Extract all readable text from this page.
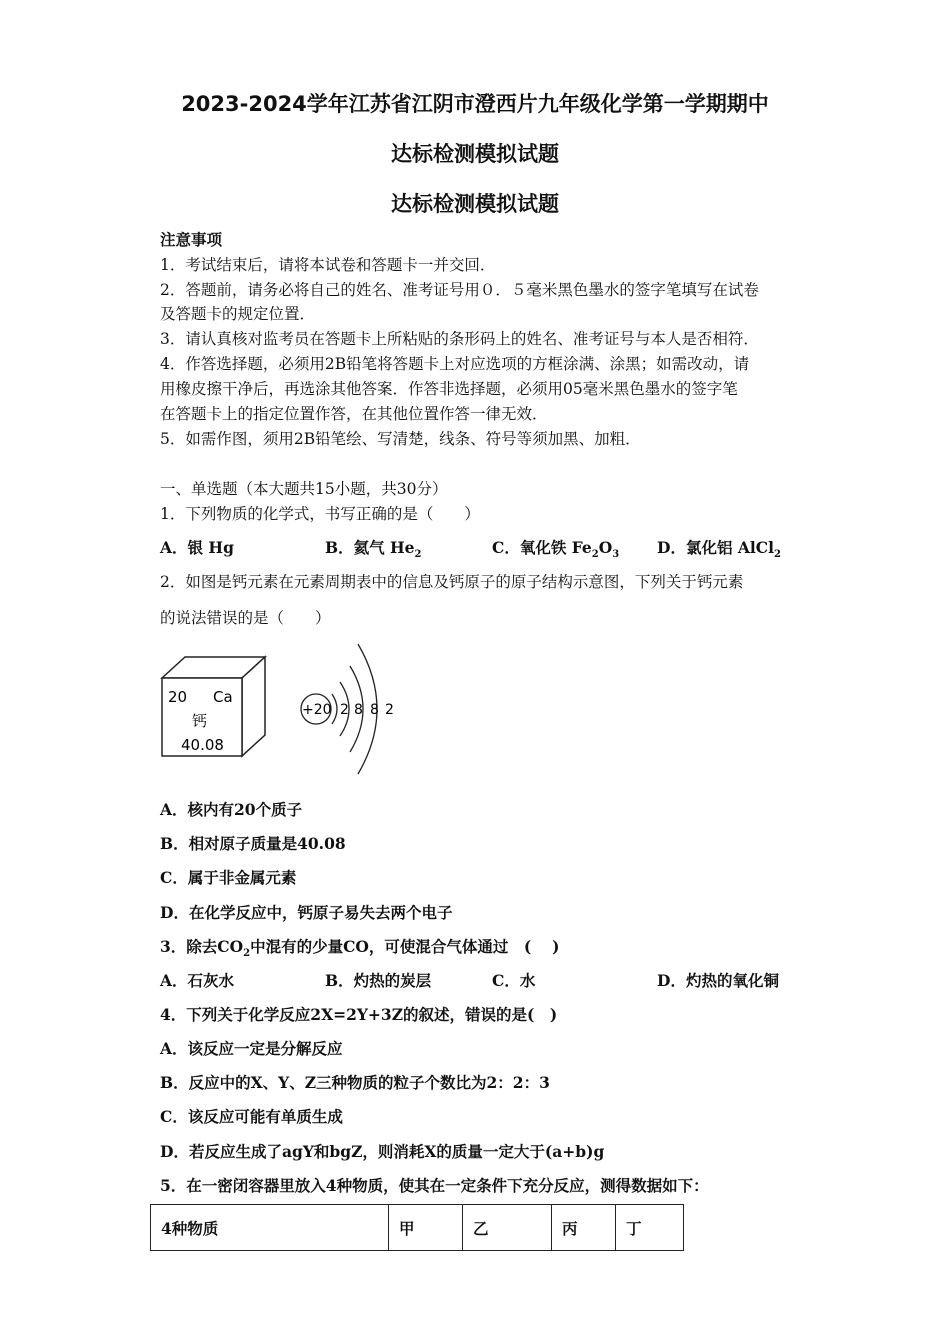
2023-2024学年江苏省江阴市澄西片九年级化学第一学期期中
达标检测模拟试题
达标检测模拟试题
注意事项
1．考试结束后，请将本试卷和答题卡一并交回．
2．答题前，请务必将自己的姓名、准考证号用０．５毫米黑色墨水的签字笔填写在试卷
及答题卡的规定位置．
3．请认真核对监考员在答题卡上所粘贴的条形码上的姓名、准考证号与本人是否相符．
4．作答选择题，必须用2B铅笔将答题卡上对应选项的方框涂满、涂黑；如需改动，请
用橡皮擦干净后，再选涂其他答案．作答非选择题，必须用05毫米黑色墨水的签字笔
在答题卡上的指定位置作答，在其他位置作答一律无效．
5．如需作图，须用2B铅笔绘、写清楚，线条、符号等须加黑、加粗．
一、单选题（本大题共15小题，共30分）
1．下列物质的化学式，书写正确的是（　　）
A．银 Hg	B．氦气 $He_2$	C．氧化铁 $Fe_2O_3$ D．氯化铝 AlCl$_2$
2．如图是钙元素在元素周期表中的信息及钙原子的原子结构示意图，下列关于钙元素
的说法错误的是（　　）
20 Ca
钙
40.08
+20 2 8 8 2
A．核内有20个质子
B．相对原子质量是40.08
C．属于非金属元素
D．在化学反应中，钙原子易失去两个电子
3．除去$CO_2$中混有的少量CO，可使混合气体通过　(　 )
A．石灰水	B．灼热的炭层	C．水	D．灼热的氧化铜
4．下列关于化学反应2X=2Y+3Z的叙述，错误的是(　)
A．该反应一定是分解反应
B．反应中的X、Y、Z三种物质的粒子个数比为2：2：3
C．该反应可能有单质生成
D．若反应生成了agY和bgZ，则消耗X的质量一定大于(a+b)g
5．在一密闭容器里放入4种物质，使其在一定条件下充分反应，测得数据如下：
4种物质	甲	乙	丙	丁
